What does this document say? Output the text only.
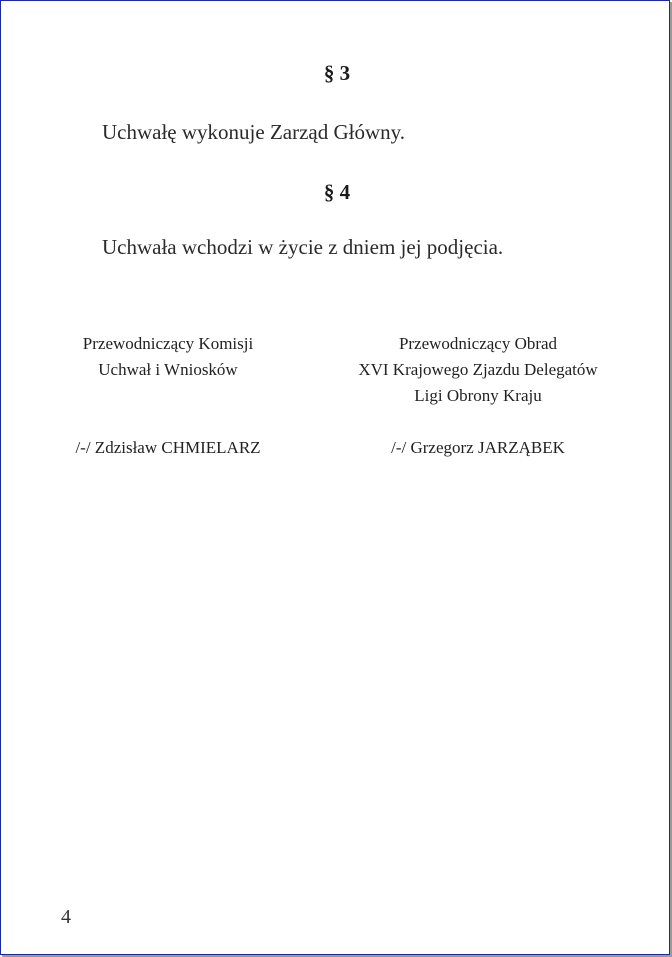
§ 3
Uchwałę wykonuje Zarząd Główny.
§ 4
Uchwała wchodzi w życie z dniem jej podjęcia.
Przewodniczący Komisji
Uchwał i Wniosków
Przewodniczący Obrad
XVI Krajowego Zjazdu Delegatów
Ligi Obrony Kraju
/-/ Zdzisław CHMIELARZ	/-/ Grzegorz JARZĄBEK
4
